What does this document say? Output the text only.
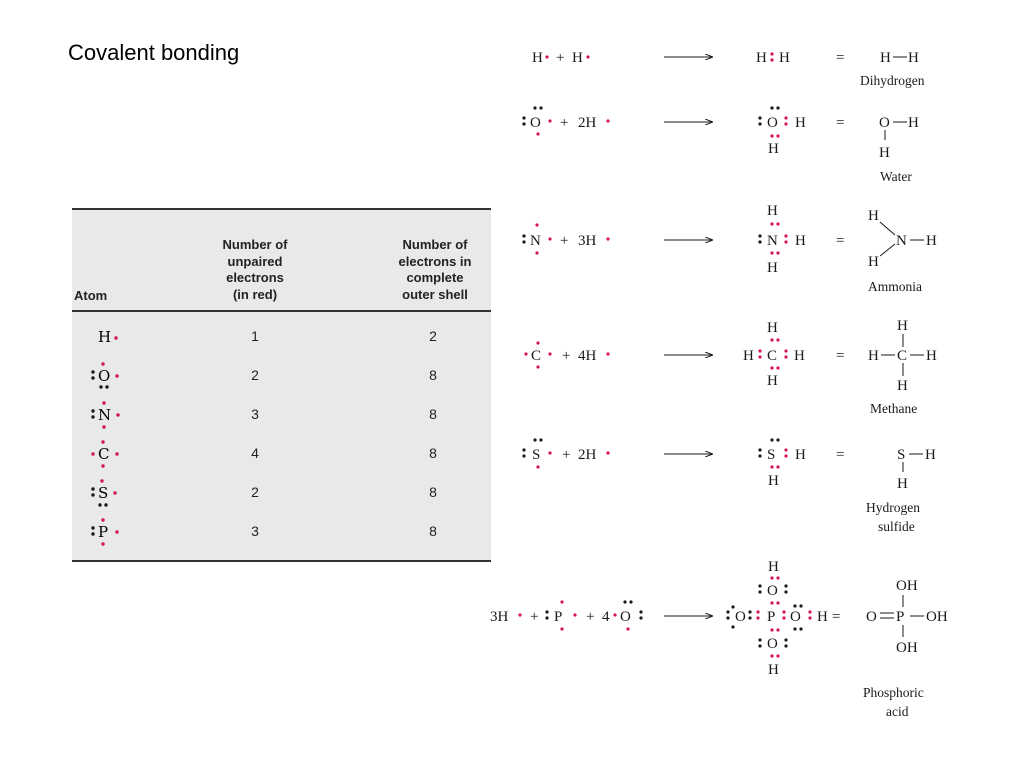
Covalent bonding
Atom
Number of
unpaired
electrons
(in red)
Number of
electrons in
complete
outer shell
H	1	2
O	2	8
N	3	8
C	4	8
S	2	8
P	3	8
H + H	H H	= H H
Dihydrogen
O + 2H	O H
H
= O H
H
Water
N + 3H
H
N H
H
=
H
N H
H
Ammonia
C + 4H
H
H C H
H
=
H
H C H
H
Methane
S + 2H	S H
H
=	S H
H
Hydrogen
sulfide
3H + P + 4 O
H
O
O P O H =
O
H
OH
O P OH
OH
Phosphoric
acid
